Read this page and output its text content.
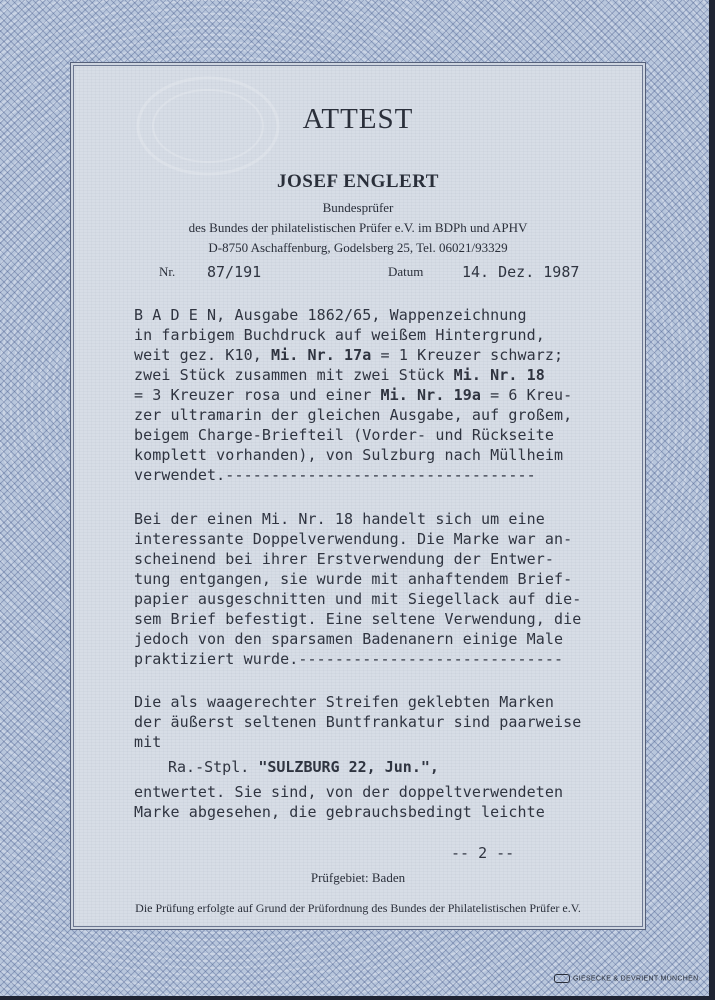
ATTEST
JOSEF ENGLERT
Bundesprüfer
des Bundes der philatelistischen Prüfer e.V. im BDPh und APHV
D-8750 Aschaffenburg, Godelsberg 25, Tel. 06021/93329
Nr. 87/191	Datum	14. Dez. 1987
B A D E N, Ausgabe 1862/65, Wappenzeichnung
in farbigem Buchdruck auf weißem Hintergrund,
weit gez. K10, Mi. Nr. 17a = 1 Kreuzer schwarz;
zwei Stück zusammen mit zwei Stück Mi. Nr. 18
= 3 Kreuzer rosa und einer Mi. Nr. 19a = 6 Kreu-
zer ultramarin der gleichen Ausgabe, auf großem,
beigem Charge-Briefteil (Vorder- und Rückseite
komplett vorhanden), von Sulzburg nach Müllheim
verwendet.----------------------------------
Bei der einen Mi. Nr. 18 handelt sich um eine
interessante Doppelverwendung. Die Marke war an-
scheinend bei ihrer Erstverwendung der Entwer-
tung entgangen, sie wurde mit anhaftendem Brief-
papier ausgeschnitten und mit Siegellack auf die-
sem Brief befestigt. Eine seltene Verwendung, die
jedoch von den sparsamen Badenanern einige Male
praktiziert wurde.-----------------------------
Die als waagerechter Streifen geklebten Marken
der äußerst seltenen Buntfrankatur sind paarweise
mit
Ra.-Stpl. "SULZBURG 22, Jun.",
entwertet. Sie sind, von der doppeltverwendeten
Marke abgesehen, die gebrauchsbedingt leichte
-- 2 --
Prüfgebiet: Baden
Die Prüfung erfolgte auf Grund der Prüfordnung des Bundes der Philatelistischen Prüfer e.V.
GIESECKE & DEVRIENT MÜNCHEN
